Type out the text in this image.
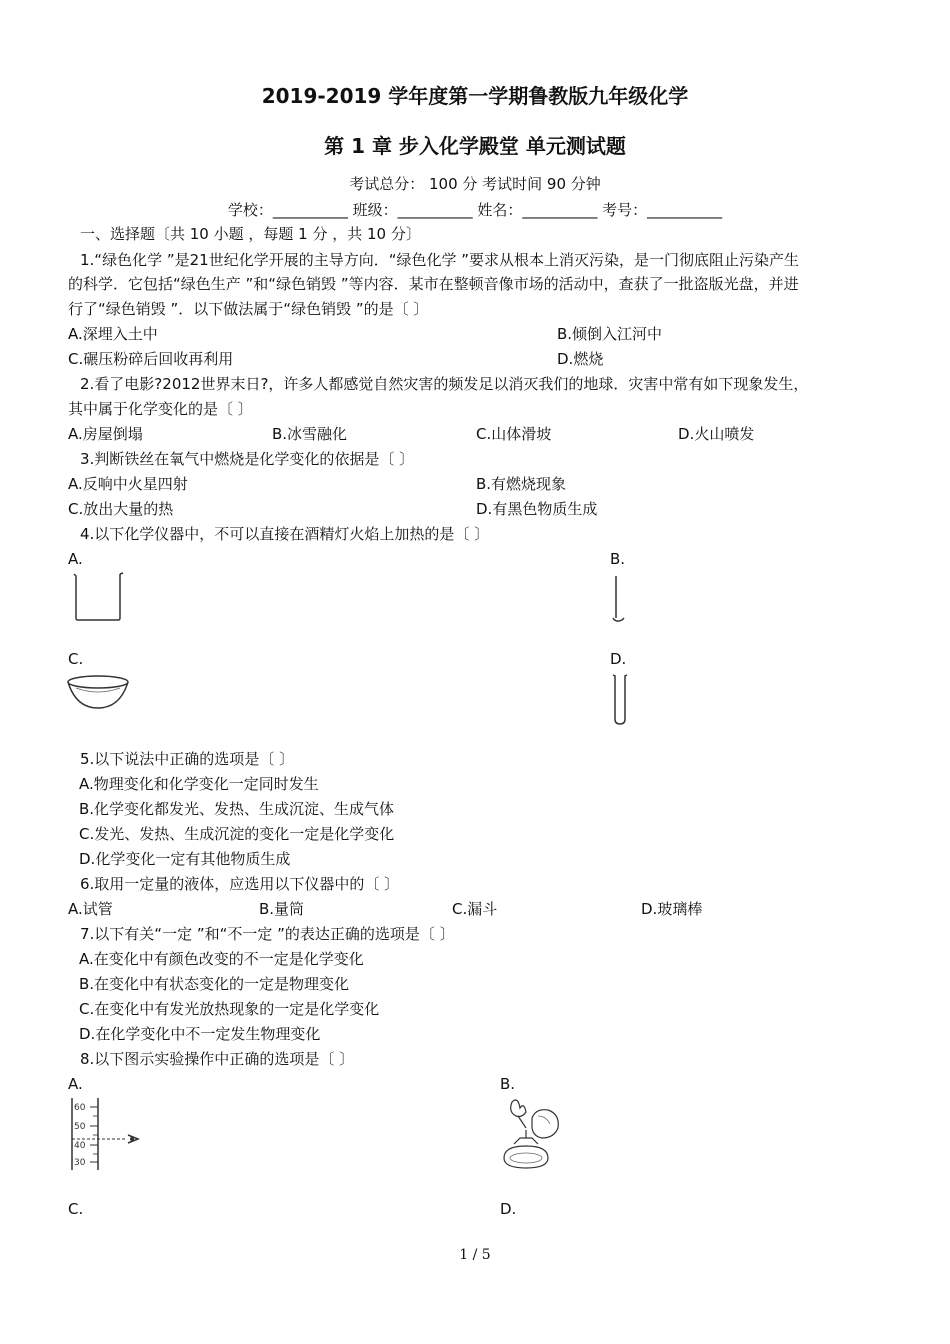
2019-2019 学年度第一学期鲁教版九年级化学
第 1 章 步入化学殿堂 单元测试题
考试总分： 100 分 考试时间 90 分钟
学校：__________ 班级：__________ 姓名：__________ 考号：__________
一、选择题〔共 10 小题 ，每题 1 分 ，共 10 分〕
1.“绿色化学 ”是21世纪化学开展的主导方向．“绿色化学 ”要求从根本上消灭污染，是一门彻底阻止污染产生
的科学．它包括“绿色生产 ”和“绿色销毁 ”等内容．某市在整顿音像市场的活动中，查获了一批盗版光盘，并进
行了“绿色销毁 ”．以下做法属于“绿色销毁 ”的是〔 〕
A.深埋入土中	B.倾倒入江河中
C.碾压粉碎后回收再利用	D.燃烧
2.看了电影?2012世界末日?，许多人都感觉自然灾害的频发足以消灭我们的地球．灾害中常有如下现象发生，
其中属于化学变化的是〔 〕
A.房屋倒塌	B.冰雪融化	C.山体滑坡	D.火山喷发
3.判断铁丝在氧气中燃烧是化学变化的依据是〔 〕
A.反响中火星四射	B.有燃烧现象
C.放出大量的热	D.有黑色物质生成
4.以下化学仪器中，不可以直接在酒精灯火焰上加热的是〔 〕
A.	B.
C.	D.
5.以下说法中正确的选项是〔 〕
A.物理变化和化学变化一定同时发生
B.化学变化都发光、发热、生成沉淀、生成气体
C.发光、发热、生成沉淀的变化一定是化学变化
D.化学变化一定有其他物质生成
6.取用一定量的液体，应选用以下仪器中的〔 〕
A.试管	B.量筒	C.漏斗	D.玻璃棒
7.以下有关“一定 ”和“不一定 ”的表达正确的选项是〔 〕
A.在变化中有颜色改变的不一定是化学变化
B.在变化中有状态变化的一定是物理变化
C.在变化中有发光放热现象的一定是化学变化
D.在化学变化中不一定发生物理变化
8.以下图示实验操作中正确的选项是〔 〕
A.	B.
60
50
40
30
C.	D.
1 / 5
